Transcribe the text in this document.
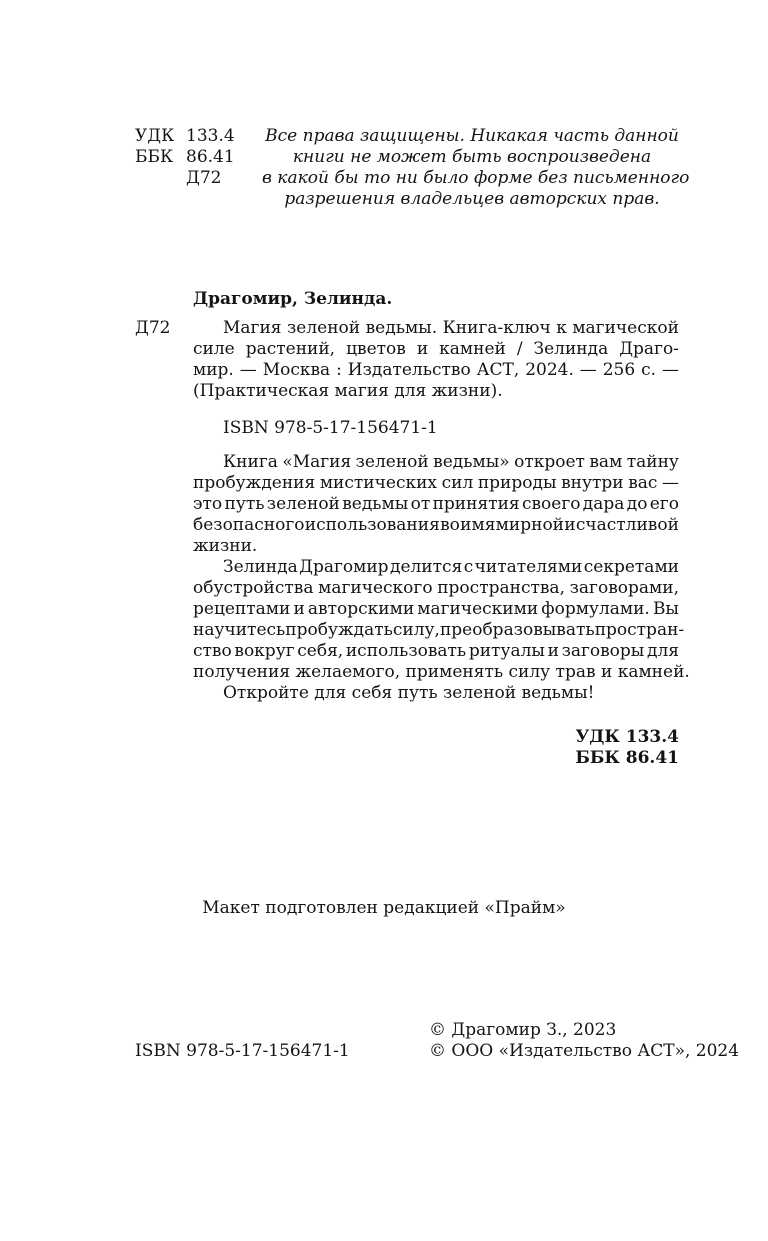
УДК
ББК
133.4
86.41
Д72
Все права защищены. Никакая часть данной
книги не может быть воспроизведена
в какой бы то ни было форме без письменного
разрешения владельцев авторских прав.
Драгомир, Зелинда.
Д72	Магия зеленой ведьмы. Книга-ключ к магической
силе растений, цветов и камней / Зелинда Драго-
мир. — Москва : Издательство АСТ, 2024. — 256 с. —
(Практическая магия для жизни).
ISBN 978-5-17-156471-1
Книга «Магия зеленой ведьмы» откроет вам тайну
пробуждения мистических сил природы внутри вас —
это путь зеленой ведьмы от принятия своего дара до его
безопасного использования во имя мирной и счастливой
жизни.
Зелинда Драгомир делится с читателями секретами
обустройства магического пространства, заговорами,
рецептами и авторскими магическими формулами. Вы
научитесь пробуждать силу, преобразовывать простран-
ство вокруг себя, использовать ритуалы и заговоры для
получения желаемого, применять силу трав и камней.
Откройте для себя путь зеленой ведьмы!
УДК 133.4
ББК 86.41
Макет подготовлен редакцией «Прайм»
ISBN 978-5-17-156471-1
© Драгомир З., 2023
© ООО «Издательство АСТ», 2024
